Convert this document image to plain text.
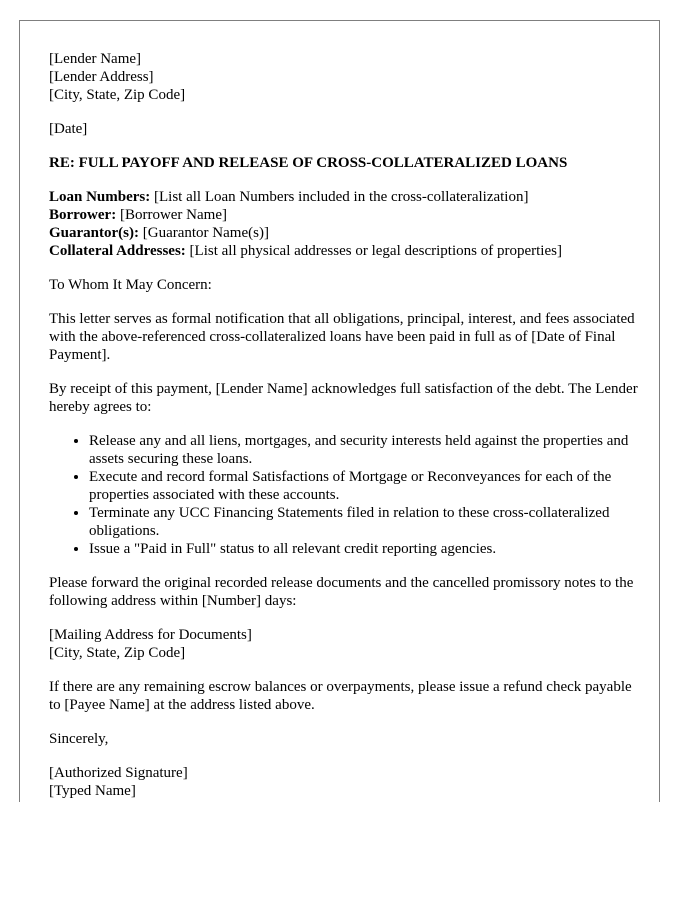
[Lender Name]
[Lender Address]
[City, State, Zip Code]
[Date]
RE: FULL PAYOFF AND RELEASE OF CROSS-COLLATERALIZED LOANS
Loan Numbers: [List all Loan Numbers included in the cross-collateralization]
Borrower: [Borrower Name]
Guarantor(s): [Guarantor Name(s)]
Collateral Addresses: [List all physical addresses or legal descriptions of properties]
To Whom It May Concern:

This letter serves as formal notification that all obligations, principal, interest, and fees associated with the above-referenced cross-collateralized loans have been paid in full as of [Date of Final Payment].

By receipt of this payment, [Lender Name] acknowledges full satisfaction of the debt. The Lender hereby agrees to:

• Release any and all liens, mortgages, and security interests held against the properties and assets securing these loans.
• Execute and record formal Satisfactions of Mortgage or Reconveyances for each of the properties associated with these accounts.
• Terminate any UCC Financing Statements filed in relation to these cross-collateralized obligations.
• Issue a "Paid in Full" status to all relevant credit reporting agencies.

Please forward the original recorded release documents and the cancelled promissory notes to the following address within [Number] days:

[Mailing Address for Documents]
[City, State, Zip Code]

If there are any remaining escrow balances or overpayments, please issue a refund check payable to [Payee Name] at the address listed above.

Sincerely,
[Authorized Signature]
[Typed Name]
